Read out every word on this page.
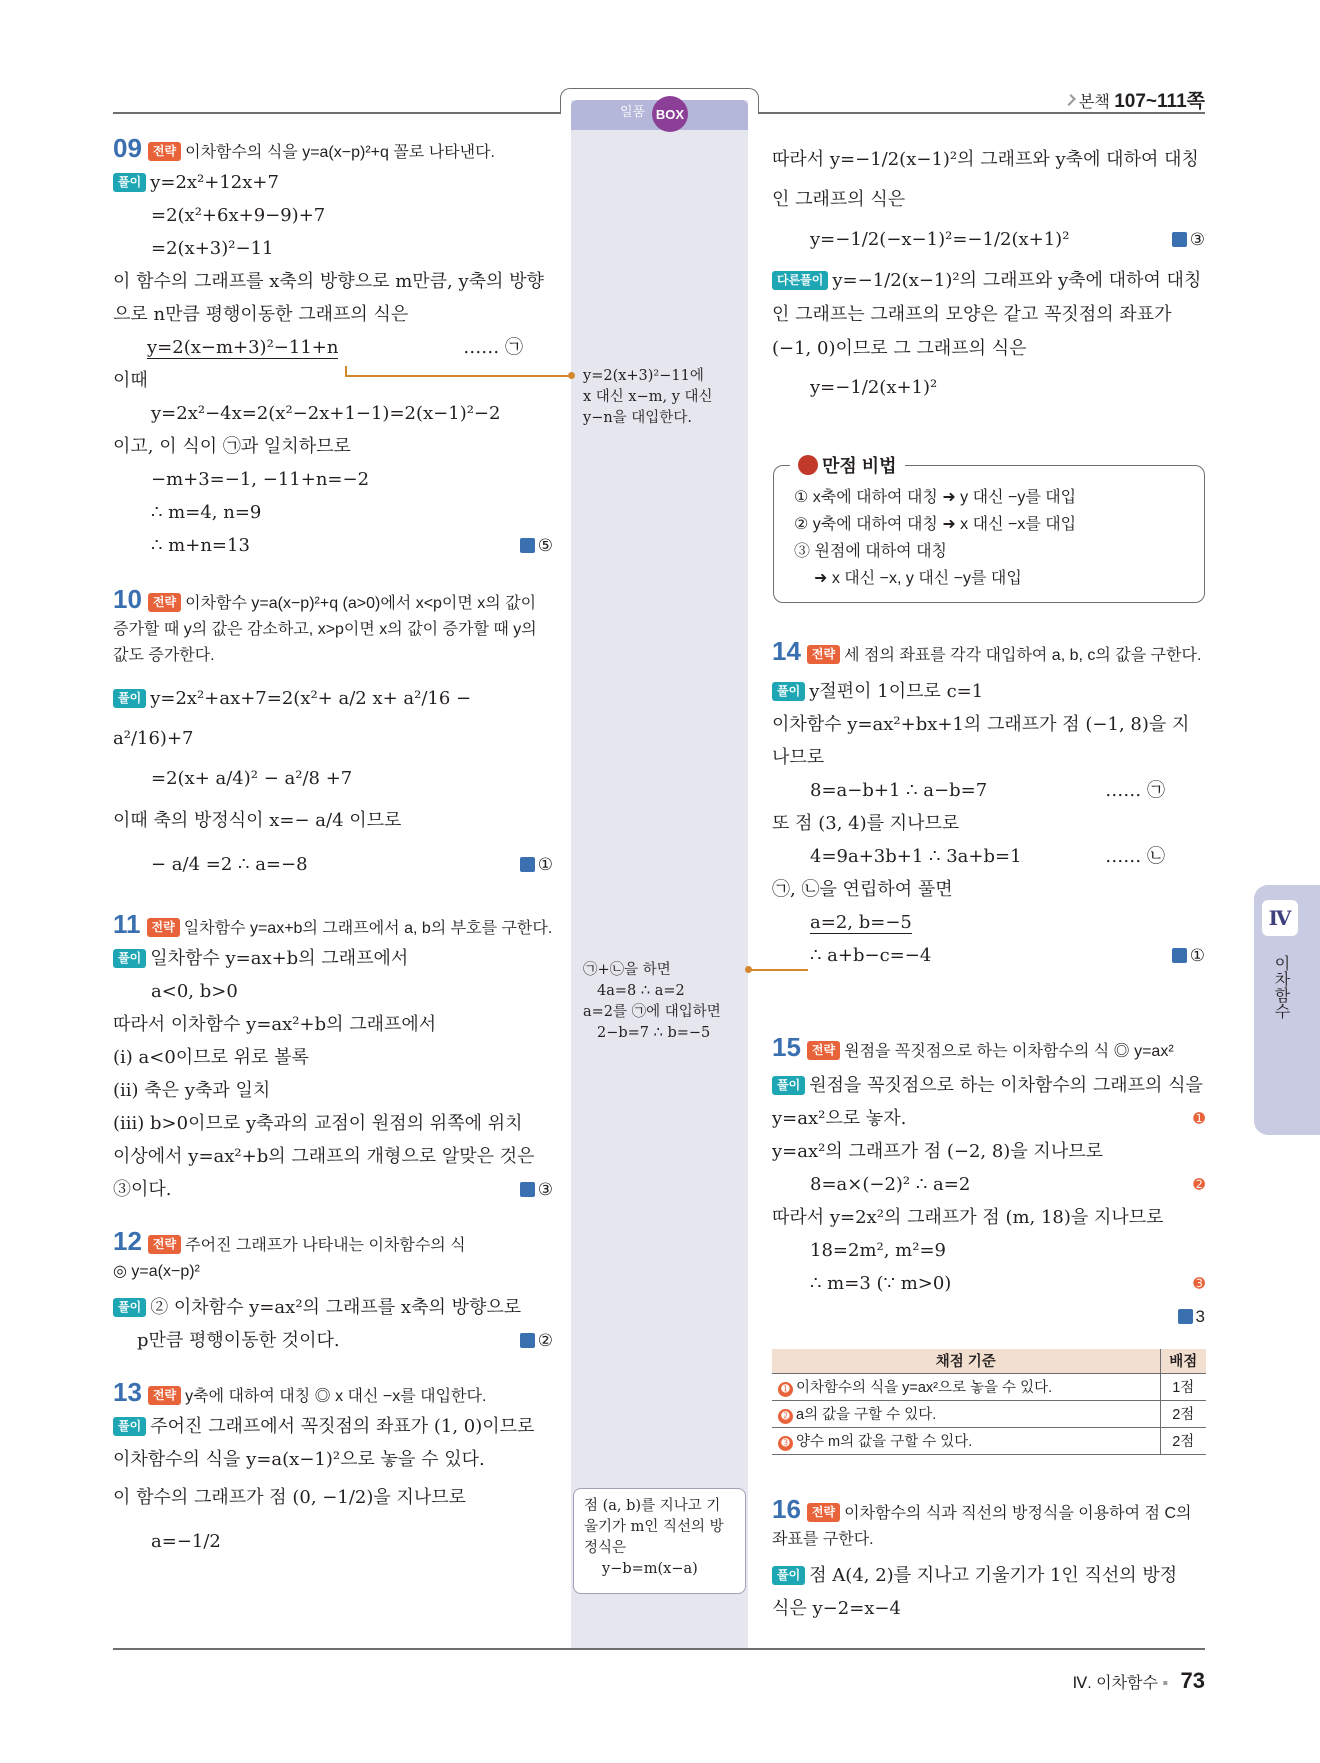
일품 BOX
본책 107~111쪽
09 전략 이차함수의 식을 y=a(x−p)²+q 꼴로 나타낸다.
풀이 y=2x²+12x+7
=2(x²+6x+9−9)+7
=2(x+3)²−11
이 함수의 그래프를 x축의 방향으로 m만큼, y축의 방향으로 n만큼 평행이동한 그래프의 식은
y=2(x−m+3)²−11+n	…… ㉠
이때
y=2x²−4x=2(x²−2x+1−1)=2(x−1)²−2
이고, 이 식이 ㉠과 일치하므로
−m+3=−1, −11+n=−2
∴ m=4, n=9
∴ m+n=13	⑤
10 전략 이차함수 y=a(x−p)²+q (a>0)에서 x<p이면 x의 값이 증가할 때 y의 값은 감소하고, x>p이면 x의 값이 증가할 때 y의 값도 증가한다.
풀이 y=2x²+ax+7=2(x²+ a/2 x+ a²/16 − a²/16)+7
=2(x+ a/4)² − a²/8 +7
이때 축의 방정식이 x=− a/4 이므로
− a/4 =2 ∴ a=−8	①
11 전략 일차함수 y=ax+b의 그래프에서 a, b의 부호를 구한다.
풀이 일차함수 y=ax+b의 그래프에서
a<0, b>0
따라서 이차함수 y=ax²+b의 그래프에서
(ⅰ) a<0이므로 위로 볼록
(ⅱ) 축은 y축과 일치
(ⅲ) b>0이므로 y축과의 교점이 원점의 위쪽에 위치
이상에서 y=ax²+b의 그래프의 개형으로 알맞은 것은
③이다.	③
12 전략 주어진 그래프가 나타내는 이차함수의 식
◎ y=a(x−p)²
풀이 ② 이차함수 y=ax²의 그래프를 x축의 방향으로
p만큼 평행이동한 것이다.	②
13 전략 y축에 대하여 대칭 ◎ x 대신 −x를 대입한다.
풀이 주어진 그래프에서 꼭짓점의 좌표가 (1, 0)이므로
이차함수의 식을 y=a(x−1)²으로 놓을 수 있다.
이 함수의 그래프가 점 (0, −1/2)을 지나므로
a=−1/2
y=2(x+3)²−11에
x 대신 x−m, y 대신
y−n을 대입한다.
㉠+㉡을 하면
4a=8 ∴ a=2
a=2를 ㉠에 대입하면
2−b=7 ∴ b=−5
점 (a, b)를 지나고 기
울기가 m인 직선의 방
정식은
y−b=m(x−a)
따라서 y=−1/2(x−1)²의 그래프와 y축에 대하여 대칭인 그래프의 식은
y=−1/2(−x−1)²=−1/2(x+1)²	③
다른풀이 y=−1/2(x−1)²의 그래프와 y축에 대하여 대칭인 그래프는 그래프의 모양은 같고 꼭짓점의 좌표가 (−1, 0)이므로 그 그래프의 식은
y=−1/2(x+1)²
① x축에 대하여 대칭 ➜ y 대신 −y를 대입
② y축에 대하여 대칭 ➜ x 대신 −x를 대입
③ 원점에 대하여 대칭
➜ x 대신 −x, y 대신 −y를 대입
만점 비법
14 전략 세 점의 좌표를 각각 대입하여 a, b, c의 값을 구한다.
풀이 y절편이 1이므로 c=1
이차함수 y=ax²+bx+1의 그래프가 점 (−1, 8)을 지나므로
8=a−b+1 ∴ a−b=7	…… ㉠
또 점 (3, 4)를 지나므로
4=9a+3b+1 ∴ 3a+b=1	…… ㉡
㉠, ㉡을 연립하여 풀면
a=2, b=−5
∴ a+b−c=−4	①
15 전략 원점을 꼭짓점으로 하는 이차함수의 식 ◎ y=ax²
풀이 원점을 꼭짓점으로 하는 이차함수의 그래프의 식을 y=ax²으로 놓자.	➊
y=ax²의 그래프가 점 (−2, 8)을 지나므로
8=a×(−2)² ∴ a=2	➋
따라서 y=2x²의 그래프가 점 (m, 18)을 지나므로
18=2m², m²=9
∴ m=3 (∵ m>0)	➌
3
채점 기준	배점
➊ 이차함수의 식을 y=ax²으로 놓을 수 있다.	1점
➋ a의 값을 구할 수 있다.	2점
➌ 양수 m의 값을 구할 수 있다.	2점
16 전략 이차함수의 식과 직선의 방정식을 이용하여 점 C의 좌표를 구한다.
풀이 점 A(4, 2)를 지나고 기울기가 1인 직선의 방정
식은 y−2=x−4
Ⅳ
이차함수
Ⅳ. 이차함수 ▪ 73
